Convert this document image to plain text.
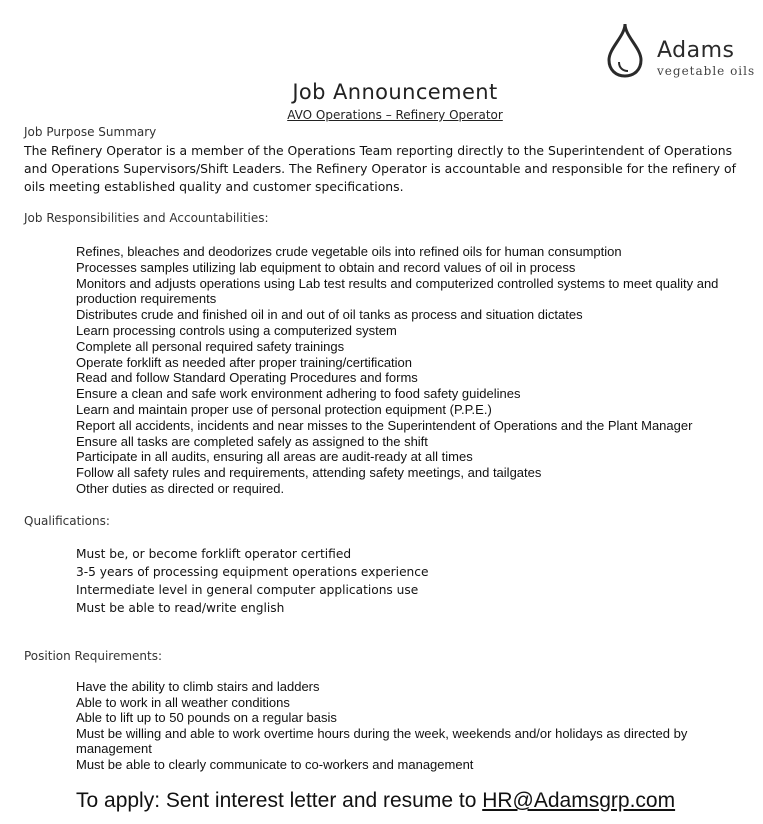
Adams
vegetable oils
Job Announcement
AVO Operations – Refinery Operator
Job Purpose Summary
The Refinery Operator is a member of the Operations Team reporting directly to the Superintendent of Operations and Operations Supervisors/Shift Leaders. The Refinery Operator is accountable and responsible for the refinery of oils meeting established quality and customer specifications.
Job Responsibilities and Accountabilities:
Refines, bleaches and deodorizes crude vegetable oils into refined oils for human consumption
Processes samples utilizing lab equipment to obtain and record values of oil in process
Monitors and adjusts operations using Lab test results and computerized controlled systems to meet quality and production requirements
Distributes crude and finished oil in and out of oil tanks as process and situation dictates
Learn processing controls using a computerized system
Complete all personal required safety trainings
Operate forklift as needed after proper training/certification
Read and follow Standard Operating Procedures and forms
Ensure a clean and safe work environment adhering to food safety guidelines
Learn and maintain proper use of personal protection equipment (P.P.E.)
Report all accidents, incidents and near misses to the Superintendent of Operations and the Plant Manager
Ensure all tasks are completed safely as assigned to the shift
Participate in all audits, ensuring all areas are audit-ready at all times
Follow all safety rules and requirements, attending safety meetings, and tailgates
Other duties as directed or required.
Qualifications:
Must be, or become forklift operator certified
3-5 years of processing equipment operations experience
Intermediate level in general computer applications use
Must be able to read/write english
Position Requirements:
Have the ability to climb stairs and ladders
Able to work in all weather conditions
Able to lift up to 50 pounds on a regular basis
Must be willing and able to work overtime hours during the week, weekends and/or holidays as directed by management
Must be able to clearly communicate to co-workers and management
To apply: Sent interest letter and resume to HR@Adamsgrp.com
